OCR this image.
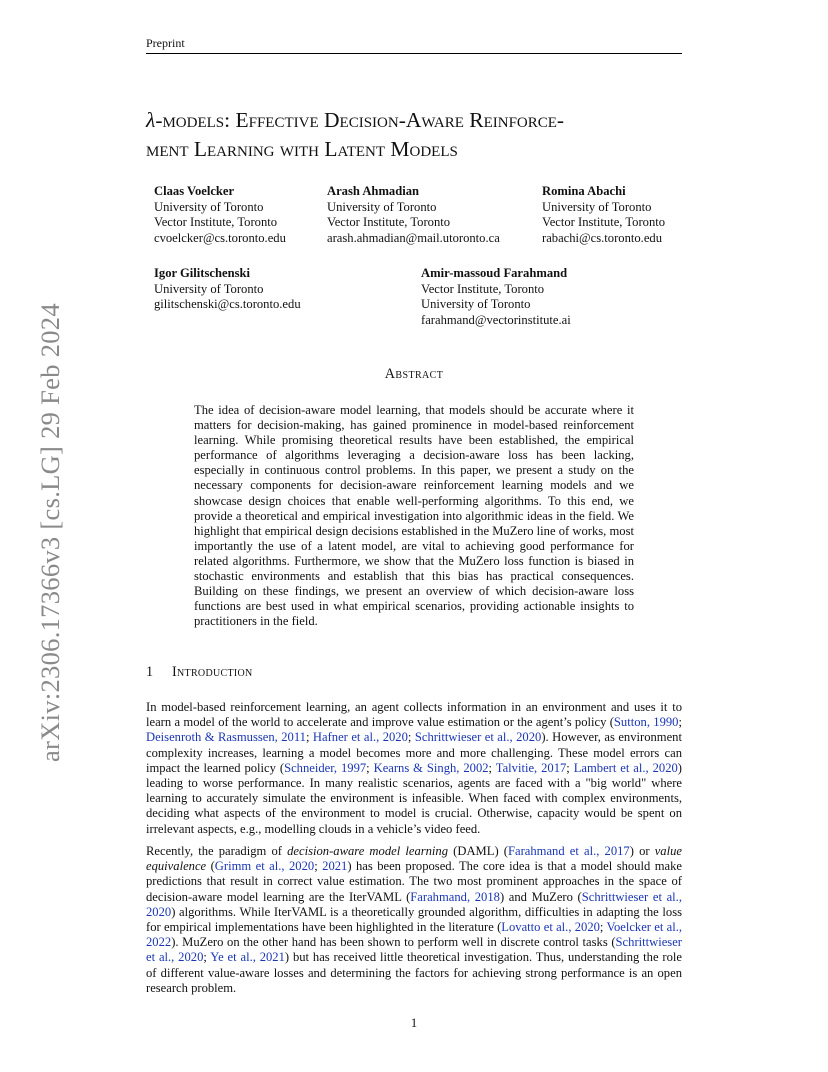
Preprint
arXiv:2306.17366v3 [cs.LG] 29 Feb 2024
λ-models: Effective Decision-Aware Reinforce-
ment Learning with Latent Models
Claas Voelcker
University of Toronto
Vector Institute, Toronto
cvoelcker@cs.toronto.edu
Arash Ahmadian
University of Toronto
Vector Institute, Toronto
arash.ahmadian@mail.utoronto.ca
Romina Abachi
University of Toronto
Vector Institute, Toronto
rabachi@cs.toronto.edu
Igor Gilitschenski
University of Toronto
gilitschenski@cs.toronto.edu
Amir-massoud Farahmand
Vector Institute, Toronto
University of Toronto
farahmand@vectorinstitute.ai
Abstract
The idea of decision-aware model learning, that models should be accurate where it matters for decision-making, has gained prominence in model-based reinforcement learning. While promising theoretical results have been established, the empirical performance of algorithms leveraging a decision-aware loss has been lacking, especially in continuous control problems. In this paper, we present a study on the necessary components for decision-aware reinforcement learning models and we showcase design choices that enable well-performing algorithms. To this end, we provide a theoretical and empirical investigation into algorithmic ideas in the field. We highlight that empirical design decisions established in the MuZero line of works, most importantly the use of a latent model, are vital to achieving good performance for related algorithms. Furthermore, we show that the MuZero loss function is biased in stochastic environments and establish that this bias has practical consequences. Building on these findings, we present an overview of which decision-aware loss functions are best used in what empirical scenarios, providing actionable insights to practitioners in the field.
1 Introduction
In model-based reinforcement learning, an agent collects information in an environment and uses it to learn a model of the world to accelerate and improve value estimation or the agent’s policy (Sutton, 1990; Deisenroth & Rasmussen, 2011; Hafner et al., 2020; Schrittwieser et al., 2020). However, as environment complexity increases, learning a model becomes more and more challenging. These model errors can impact the learned policy (Schneider, 1997; Kearns & Singh, 2002; Talvitie, 2017; Lambert et al., 2020) leading to worse performance. In many realistic scenarios, agents are faced with a "big world" where learning to accurately simulate the environment is infeasible. When faced with complex environments, deciding what aspects of the environment to model is crucial. Otherwise, capacity would be spent on irrelevant aspects, e.g., modelling clouds in a vehicle’s video feed.
Recently, the paradigm of decision-aware model learning (DAML) (Farahmand et al., 2017) or value equivalence (Grimm et al., 2020; 2021) has been proposed. The core idea is that a model should make predictions that result in correct value estimation. The two most prominent approaches in the space of decision-aware model learning are the IterVAML (Farahmand, 2018) and MuZero (Schrittwieser et al., 2020) algorithms. While IterVAML is a theoretically grounded algorithm, difficulties in adapting the loss for empirical implementations have been highlighted in the literature (Lovatto et al., 2020; Voelcker et al., 2022). MuZero on the other hand has been shown to perform well in discrete control tasks (Schrittwieser et al., 2020; Ye et al., 2021) but has received little theoretical investigation. Thus, understanding the role of different value-aware losses and determining the factors for achieving strong performance is an open research problem.
1
